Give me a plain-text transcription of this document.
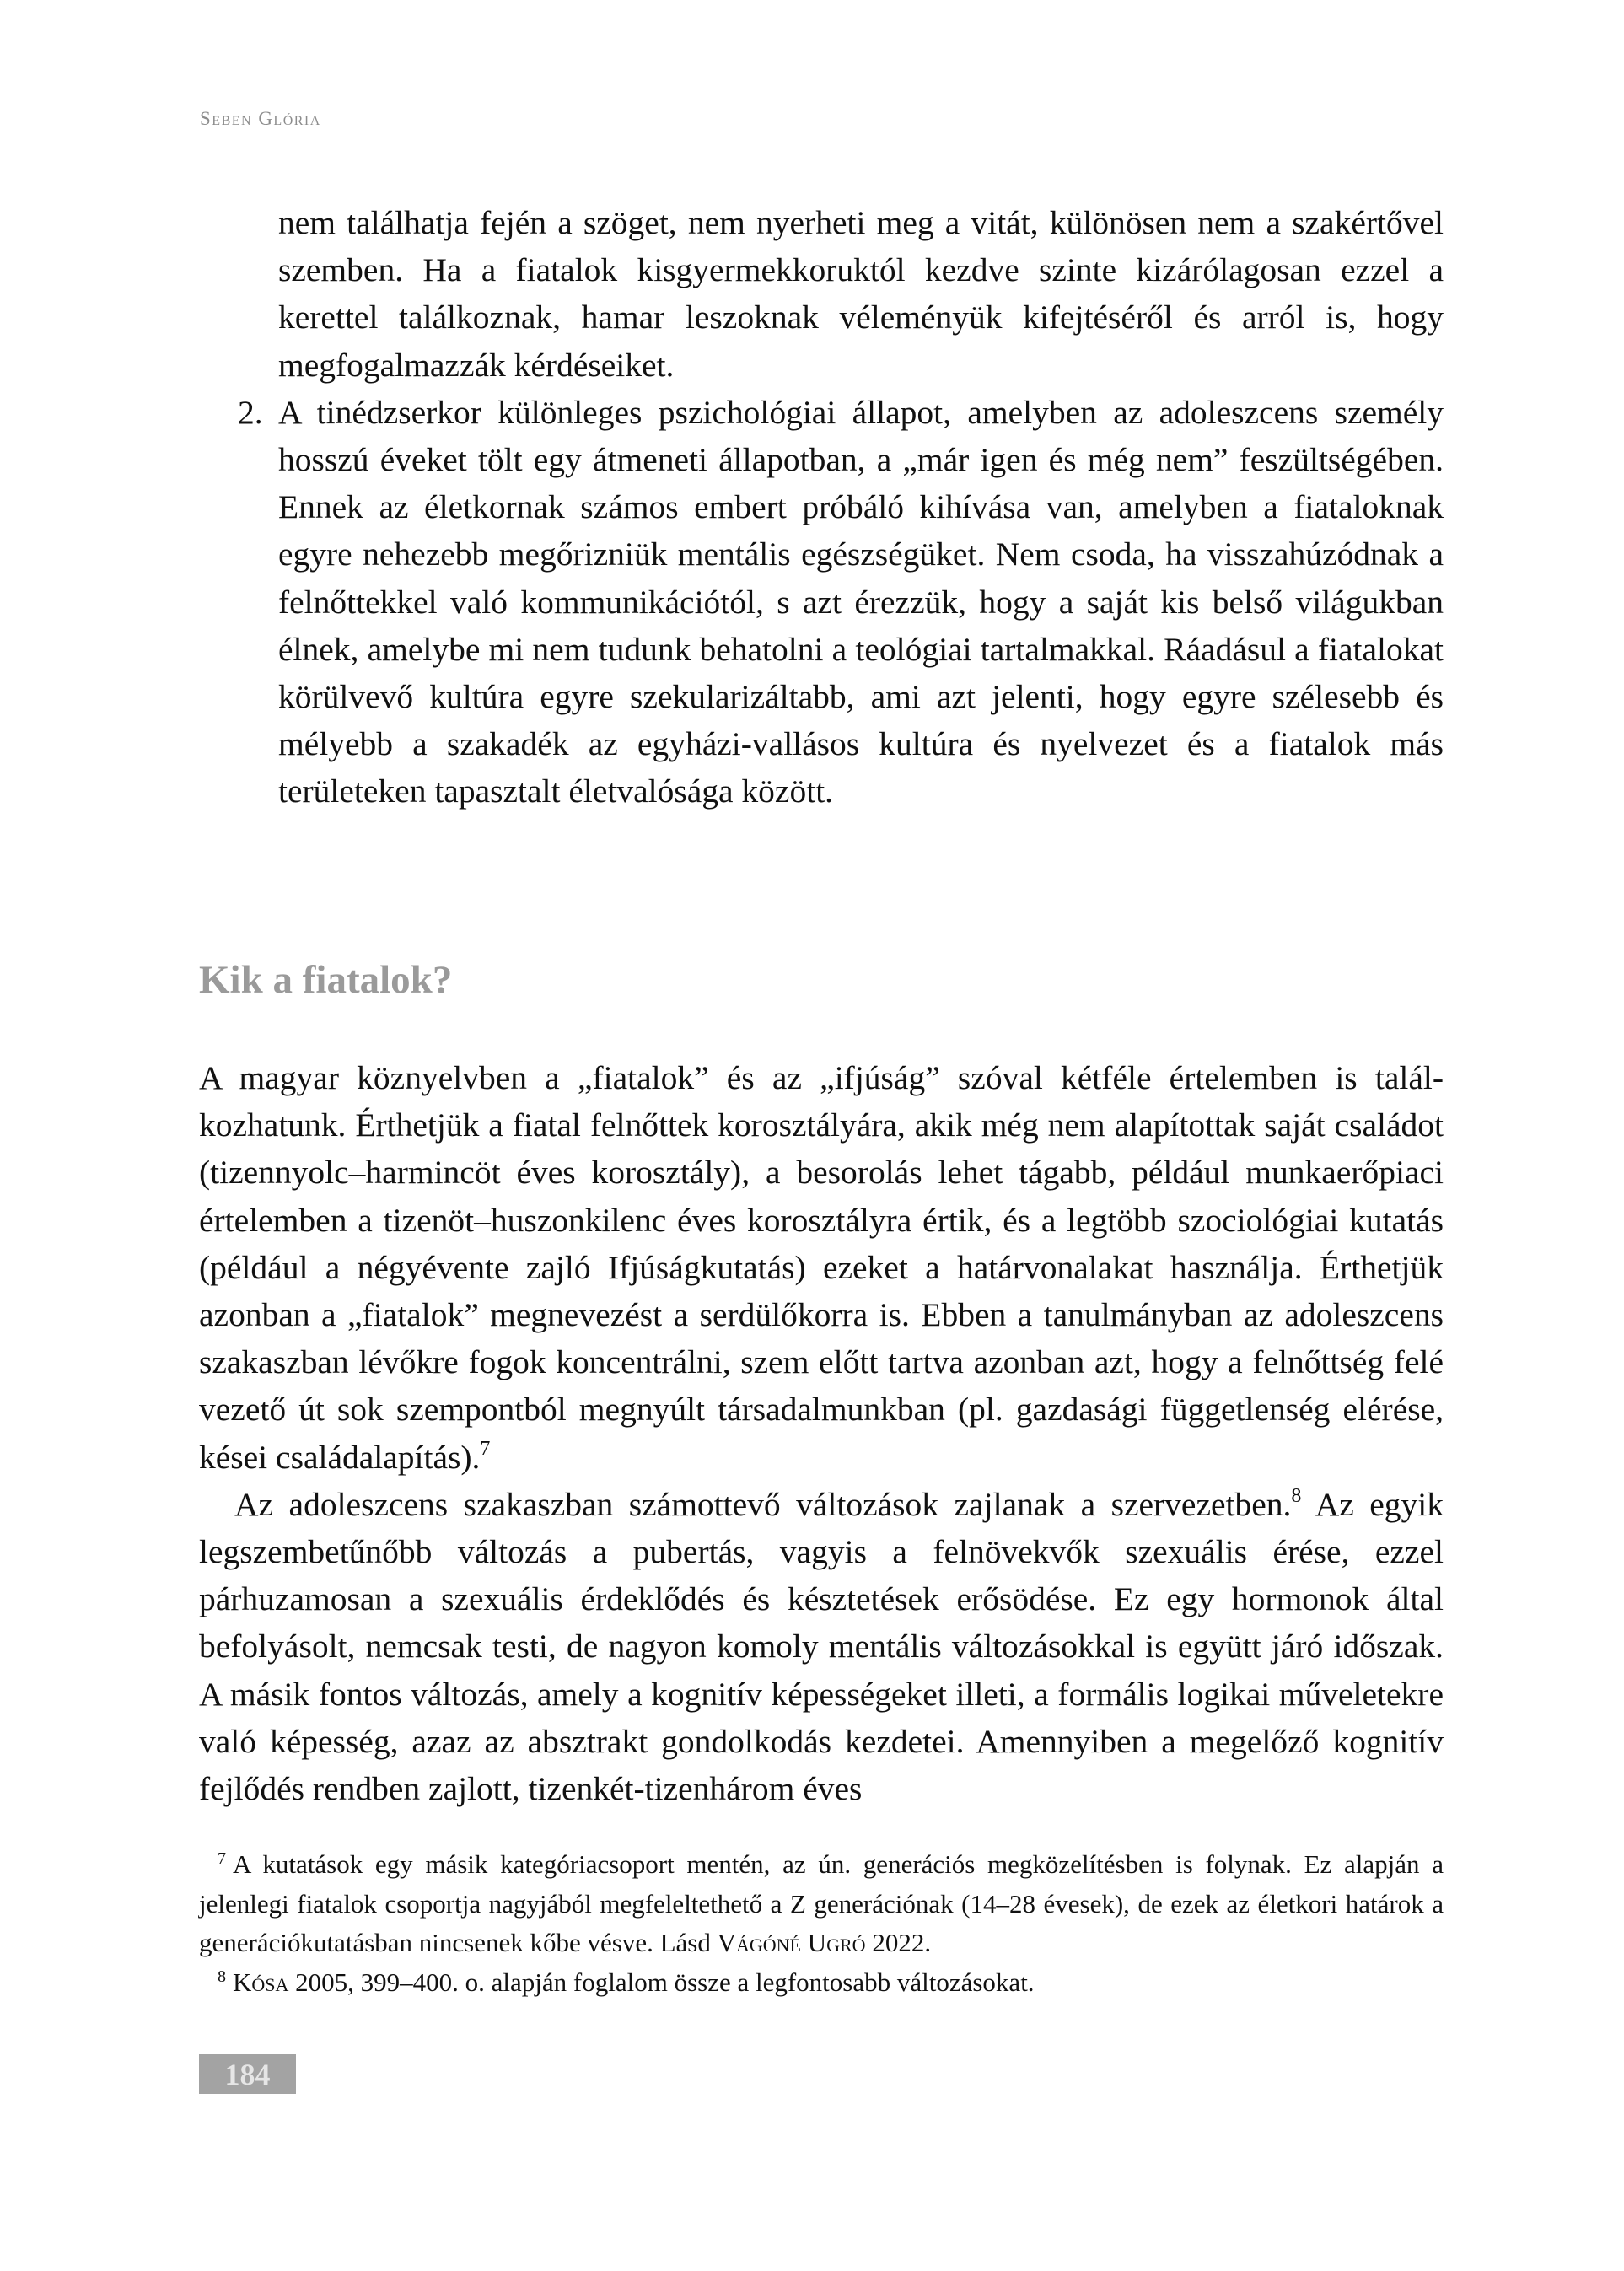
Seben Glória
nem találhatja fején a szöget, nem nyerheti meg a vitát, különösen nem a szakértővel szemben. Ha a fiatalok kisgyermekkoruktól kezdve szinte kizárólagosan ezzel a kerettel találkoznak, hamar leszoknak véleményük kifejtéséről és arról is, hogy megfogalmazzák kérdéseiket.
2. A tinédzserkor különleges pszichológiai állapot, amelyben az adoleszcens személy hosszú éveket tölt egy átmeneti állapotban, a „már igen és még nem” feszültségében. Ennek az életkornak számos embert próbáló kihívása van, amelyben a fiataloknak egyre nehezebb megőrizniük mentális egészségüket. Nem csoda, ha visszahúzódnak a felnőttekkel való kommunikációtól, s azt érezzük, hogy a saját kis belső világukban élnek, amelybe mi nem tudunk behatolni a teológiai tartalmakkal. Ráadásul a fiatalokat körülvevő kultúra egyre szekularizáltabb, ami azt jelenti, hogy egyre szélesebb és mélyebb a szakadék az egyházi-vallásos kultúra és nyelvezet és a fiatalok más területeken tapasztalt életvalósága között.
Kik a fiatalok?

A magyar köznyelvben a „fiatalok” és az „ifjúság” szóval kétféle értelemben is találkozhatunk. Érthetjük a fiatal felnőttek korosztályára, akik még nem alapítottak saját családot (tizennyolc–harmincöt éves korosztály), a besorolás lehet tágabb, például munkaerőpiaci értelemben a tizenöt–huszonkilenc éves korosztályra értik, és a legtöbb szociológiai kutatás (például a négyévente zajló Ifjúságkutatás) ezeket a határvonalakat használja. Érthetjük azonban a „fiatalok” megnevezést a serdülőkorra is. Ebben a tanulmányban az adoleszcens szakaszban lévőkre fogok koncentrálni, szem előtt tartva azonban azt, hogy a felnőttség felé vezető út sok szempontból megnyúlt társadalmunkban (pl. gazdasági függetlenség elérése, kései családalapítás).$^7$

Az adoleszcens szakaszban számottevő változások zajlanak a szervezetben.$^8$ Az egyik legszembetűnőbb változás a pubertás, vagyis a felnövekvők szexuális érése, ezzel párhuzamosan a szexuális érdeklődés és késztetések erősödése. Ez egy hormonok által befolyásolt, nemcsak testi, de nagyon komoly mentális változásokkal is együtt járó időszak. A másik fontos változás, amely a kognitív képességeket illeti, a formális logikai műveletekre való képesség, azaz az absztrakt gondolkodás kezdetei. Amennyiben a megelőző kognitív fejlődés rendben zajlott, tizenkét-tizenhárom éves

$^7$ A kutatások egy másik kategóriacsoport mentén, az ún. generációs megközelítésben is folynak. Ez alapján a jelenlegi fiatalok csoportja nagyjából megfeleltethető a Z generációnak (14–28 évesek), de ezek az életkori határok a generációkutatásban nincsenek kőbe vésve. Lásd Vágóné Ugró 2022.

$^8$ Kósa 2005, 399–400. o. alapján foglalom össze a legfontosabb változásokat.

184
